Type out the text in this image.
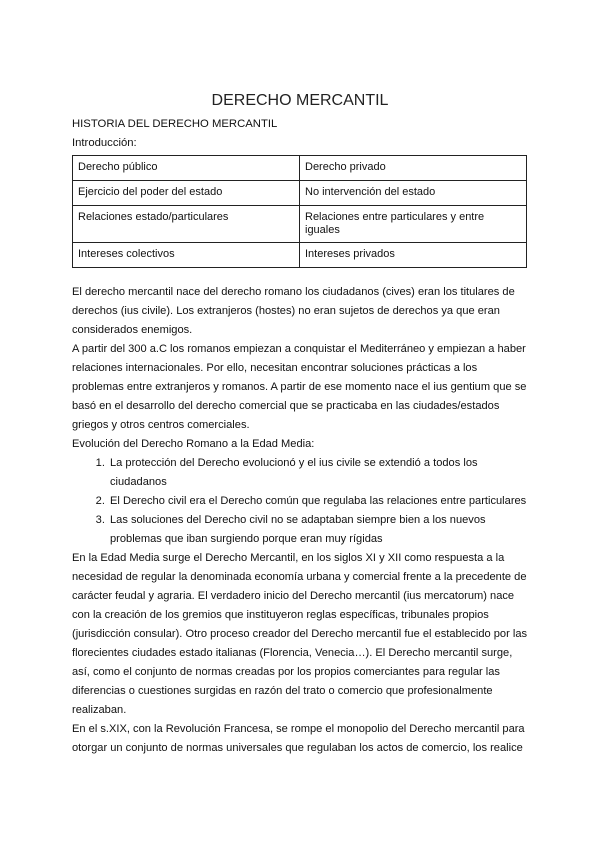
DERECHO MERCANTIL
HISTORIA DEL DERECHO MERCANTIL
Introducción:
Derecho público	Derecho privado
Ejercicio del poder del estado	No intervención del estado
Relaciones estado/particulares	Relaciones entre particulares y entre iguales
Intereses colectivos	Intereses privados

El derecho mercantil nace del derecho romano los ciudadanos (cives) eran los titulares de derechos (ius civile). Los extranjeros (hostes) no eran sujetos de derechos ya que eran considerados enemigos.

A partir del 300 a.C los romanos empiezan a conquistar el Mediterráneo y empiezan a haber relaciones internacionales. Por ello, necesitan encontrar soluciones prácticas a los problemas entre extranjeros y romanos. A partir de ese momento nace el ius gentium que se basó en el desarrollo del derecho comercial que se practicaba en las ciudades/estados griegos y otros centros comerciales.

Evolución del Derecho Romano a la Edad Media:

1. La protección del Derecho evolucionó y el ius civile se extendió a todos los ciudadanos
2. El Derecho civil era el Derecho común que regulaba las relaciones entre particulares
3. Las soluciones del Derecho civil no se adaptaban siempre bien a los nuevos problemas que iban surgiendo porque eran muy rígidas

En la Edad Media surge el Derecho Mercantil, en los siglos XI y XII como respuesta a la necesidad de regular la denominada economía urbana y comercial frente a la precedente de carácter feudal y agraria. El verdadero inicio del Derecho mercantil (ius mercatorum) nace con la creación de los gremios que instituyeron reglas específicas, tribunales propios (jurisdicción consular). Otro proceso creador del Derecho mercantil fue el establecido por las florecientes ciudades estado italianas (Florencia, Venecia…). El Derecho mercantil surge, así, como el conjunto de normas creadas por los propios comerciantes para regular las diferencias o cuestiones surgidas en razón del trato o comercio que profesionalmente realizaban.

En el s.XIX, con la Revolución Francesa, se rompe el monopolio del Derecho mercantil para otorgar un conjunto de normas universales que regulaban los actos de comercio, los realice
